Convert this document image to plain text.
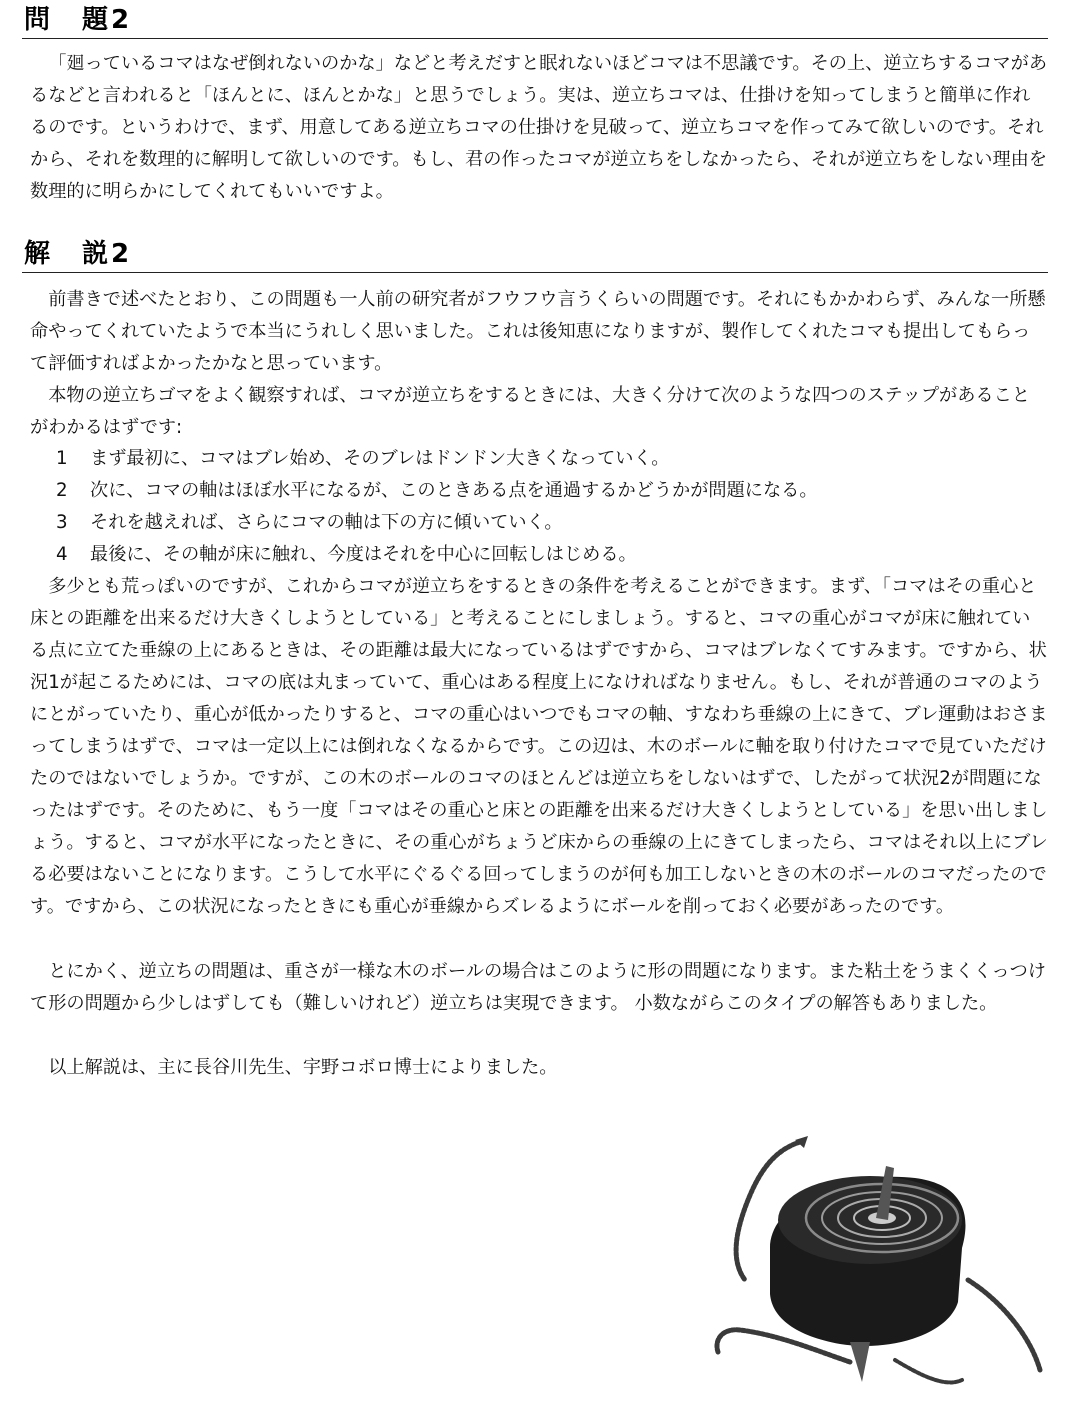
問　題2

「廻っているコマはなぜ倒れないのかな」などと考えだすと眠れないほどコマは不思議です。その上、逆立ちするコマがあるなどと言われると「ほんとに、ほんとかな」と思うでしょう。実は、逆立ちコマは、仕掛けを知ってしまうと簡単に作れるのです。というわけで、まず、用意してある逆立ちコマの仕掛けを見破って、逆立ちコマを作ってみて欲しいのです。それから、それを数理的に解明して欲しいのです。もし、君の作ったコマが逆立ちをしなかったら、それが逆立ちをしない理由を数理的に明らかにしてくれてもいいですよ。

解　説2

前書きで述べたとおり、この問題も一人前の研究者がフウフウ言うくらいの問題です。それにもかかわらず、みんな一所懸命やってくれていたようで本当にうれしく思いました。これは後知恵になりますが、製作してくれたコマも提出してもらって評価すればよかったかなと思っています。

本物の逆立ちゴマをよく観察すれば、コマが逆立ちをするときには、大きく分けて次のような四つのステップがあることがわかるはずです:

1 まず最初に、コマはブレ始め、そのブレはドンドン大きくなっていく。
2 次に、コマの軸はほぼ水平になるが、このときある点を通過するかどうかが問題になる。
3 それを越えれば、さらにコマの軸は下の方に傾いていく。
4 最後に、その軸が床に触れ、今度はそれを中心に回転しはじめる。

多少とも荒っぽいのですが、これからコマが逆立ちをするときの条件を考えることができます。まず、「コマはその重心と床との距離を出来るだけ大きくしようとしている」と考えることにしましょう。すると、コマの重心がコマが床に触れている点に立てた垂線の上にあるときは、その距離は最大になっているはずですから、コマはブレなくてすみます。ですから、状況1が起こるためには、コマの底は丸まっていて、重心はある程度上になければなりません。もし、それが普通のコマのようにとがっていたり、重心が低かったりすると、コマの重心はいつでもコマの軸、すなわち垂線の上にきて、ブレ運動はおさまってしまうはずで、コマは一定以上には倒れなくなるからです。この辺は、木のボールに軸を取り付けたコマで見ていただけたのではないでしょうか。ですが、この木のボールのコマのほとんどは逆立ちをしないはずで、したがって状況2が問題になったはずです。そのために、もう一度「コマはその重心と床との距離を出来るだけ大きくしようとしている」を思い出しましょう。すると、コマが水平になったときに、その重心がちょうど床からの垂線の上にきてしまったら、コマはそれ以上にブレる必要はないことになります。こうして水平にぐるぐる回ってしまうのが何も加工しないときの木のボールのコマだったのです。ですから、この状況になったときにも重心が垂線からズレるようにボールを削っておく必要があったのです。

とにかく、逆立ちの問題は、重さが一様な木のボールの場合はこのように形の問題になります。また粘土をうまくくっつけて形の問題から少しはずしても（難しいけれど）逆立ちは実現できます。 小数ながらこのタイプの解答もありました。

以上解説は、主に長谷川先生、宇野コボロ博士によりました。
